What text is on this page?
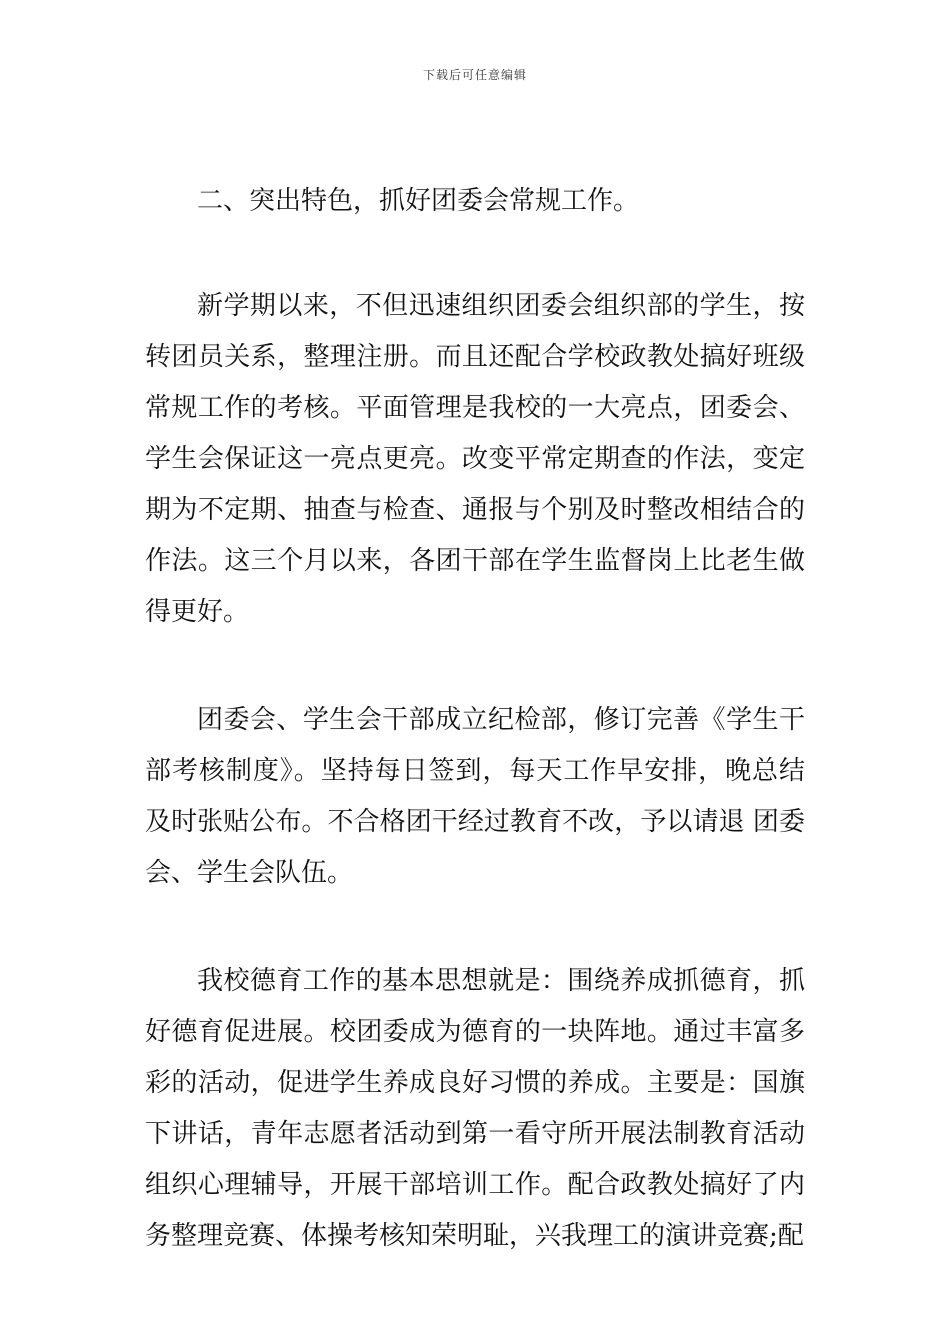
下载后可任意编辑
二、突出特色，抓好团委会常规工作。

新学期以来，不但迅速组织团委会组织部的学生，按转团员关系，整理注册。而且还配合学校政教处搞好班级常规工作的考核。平面管理是我校的一大亮点，团委会、学生会保证这一亮点更亮。改变平常定期查的作法，变定期为不定期、抽查与检查、通报与个别及时整改相结合的作法。这三个月以来，各团干部在学生监督岗上比老生做得更好。

团委会、学生会干部成立纪检部，修订完善《学生干部考核制度》。坚持每日签到，每天工作早安排，晚总结及时张贴公布。不合格团干经过教育不改，予以请退 团委会、学生会队伍。

我校德育工作的基本思想就是：围绕养成抓德育，抓好德育促进展。校团委成为德育的一块阵地。通过丰富多彩的活动，促进学生养成良好习惯的养成。主要是：国旗下讲话，青年志愿者活动到第一看守所开展法制教育活动组织心理辅导，开展干部培训工作。配合政教处搞好了内务整理竞赛、体操考核知荣明耻，兴我理工的演讲竞赛;配
